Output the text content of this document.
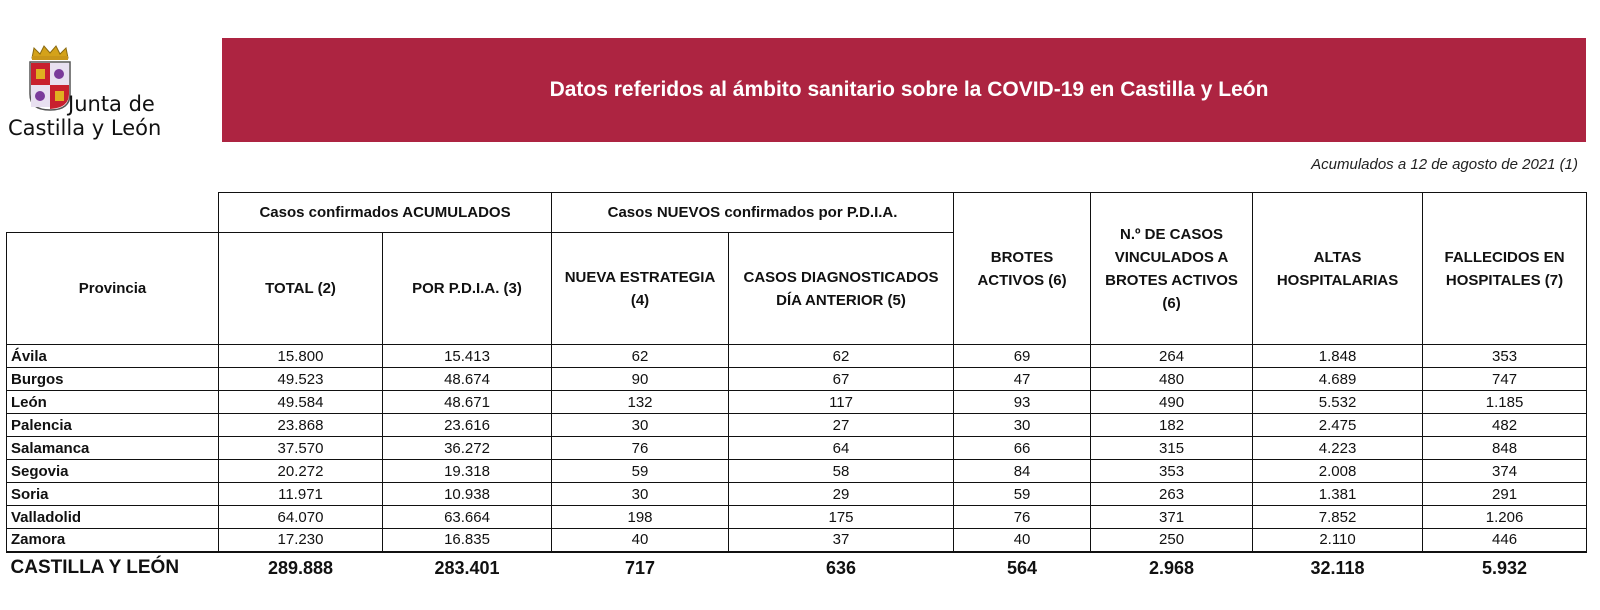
Junta de
Castilla y León
Datos referidos al ámbito sanitario sobre la COVID-19 en Castilla y León
Acumulados a 12 de agosto de 2021 (1)
	Casos confirmados ACUMULADOS		Casos NUEVOS confirmados por P.D.I.A.		BROTES ACTIVOS (6)	N.º DE CASOS VINCULADOS A BROTES ACTIVOS (6)	ALTAS HOSPITALARIAS	FALLECIDOS EN HOSPITALES (7)
Provincia	TOTAL (2)	POR P.D.I.A. (3)	NUEVA ESTRATEGIA (4)	CASOS DIAGNOSTICADOS DÍA ANTERIOR (5)				
Ávila	15.800	15.413	62	62	69	264	1.848	353
Burgos	49.523	48.674	90	67	47	480	4.689	747
León	49.584	48.671	132	117	93	490	5.532	1.185
Palencia	23.868	23.616	30	27	30	182	2.475	482
Salamanca	37.570	36.272	76	64	66	315	4.223	848
Segovia	20.272	19.318	59	58	84	353	2.008	374
Soria	11.971	10.938	30	29	59	263	1.381	291
Valladolid	64.070	63.664	198	175	76	371	7.852	1.206
Zamora	17.230	16.835	40	37	40	250	2.110	446
CASTILLA Y LEÓN	289.888	283.401	717	636	564	2.968	32.118	5.932
